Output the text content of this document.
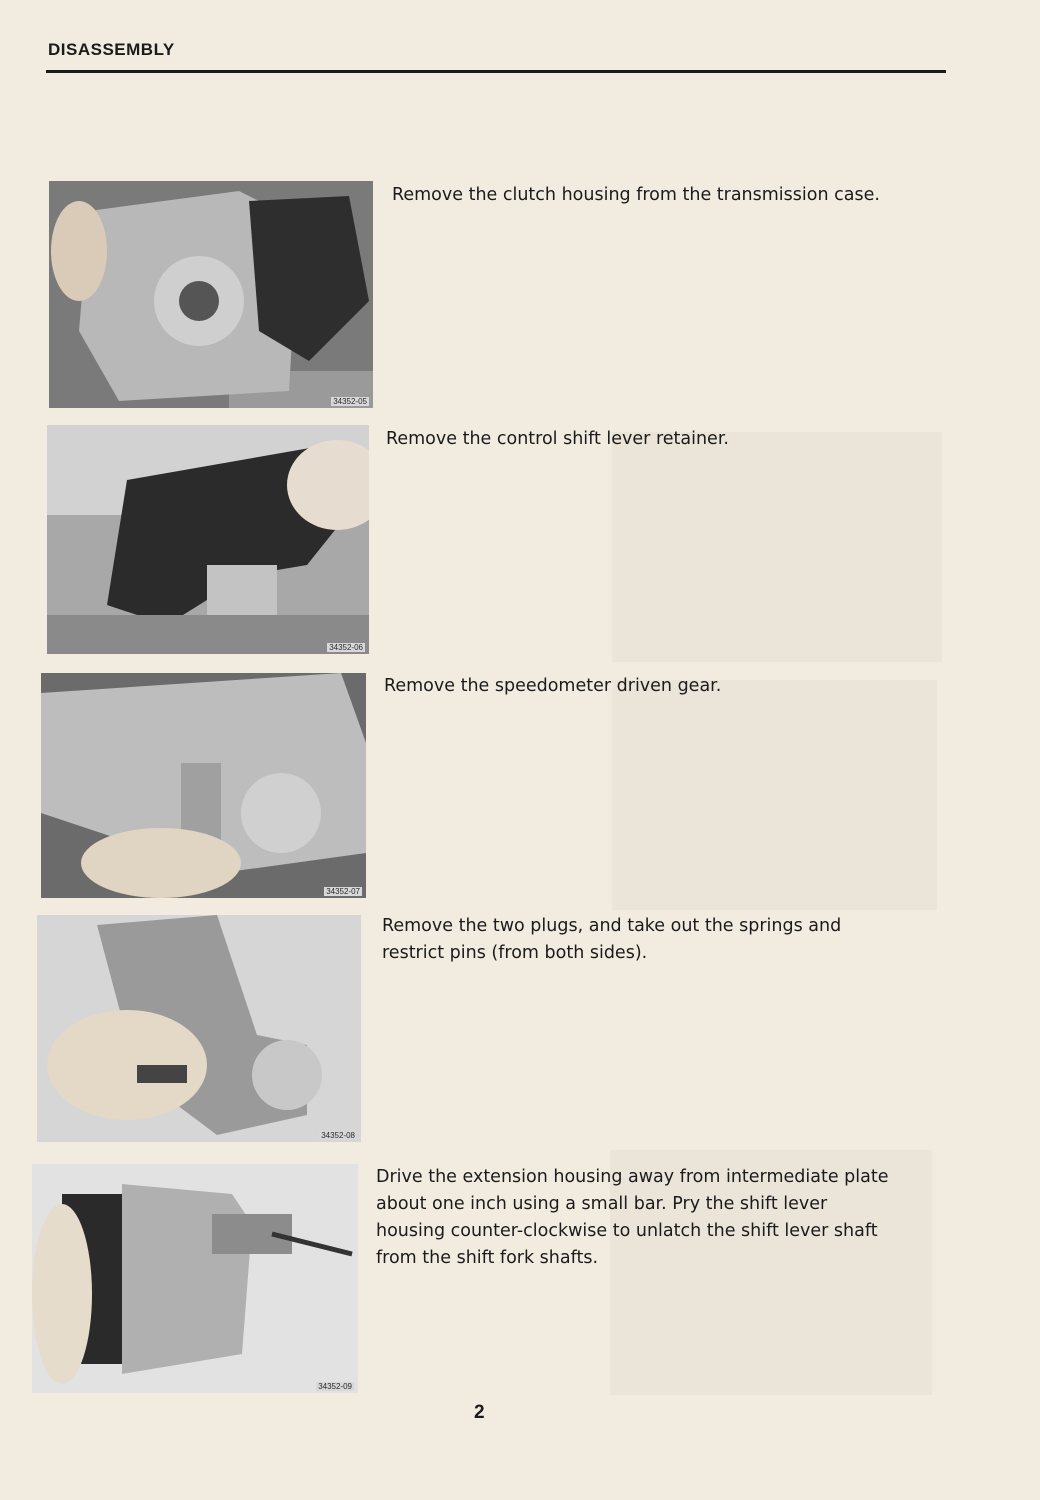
DISASSEMBLY
34352-05
Remove the clutch housing from the transmission case.
34352-06
Remove the control shift lever retainer.
34352-07
Remove the speedometer driven gear.
34352-08
Remove the two plugs, and take out the springs and restrict pins (from both sides).
34352-09
Drive the extension housing away from intermediate plate about one inch using a small bar. Pry the shift lever housing counter-clockwise to unlatch the shift lever shaft from the shift fork shafts.
2
